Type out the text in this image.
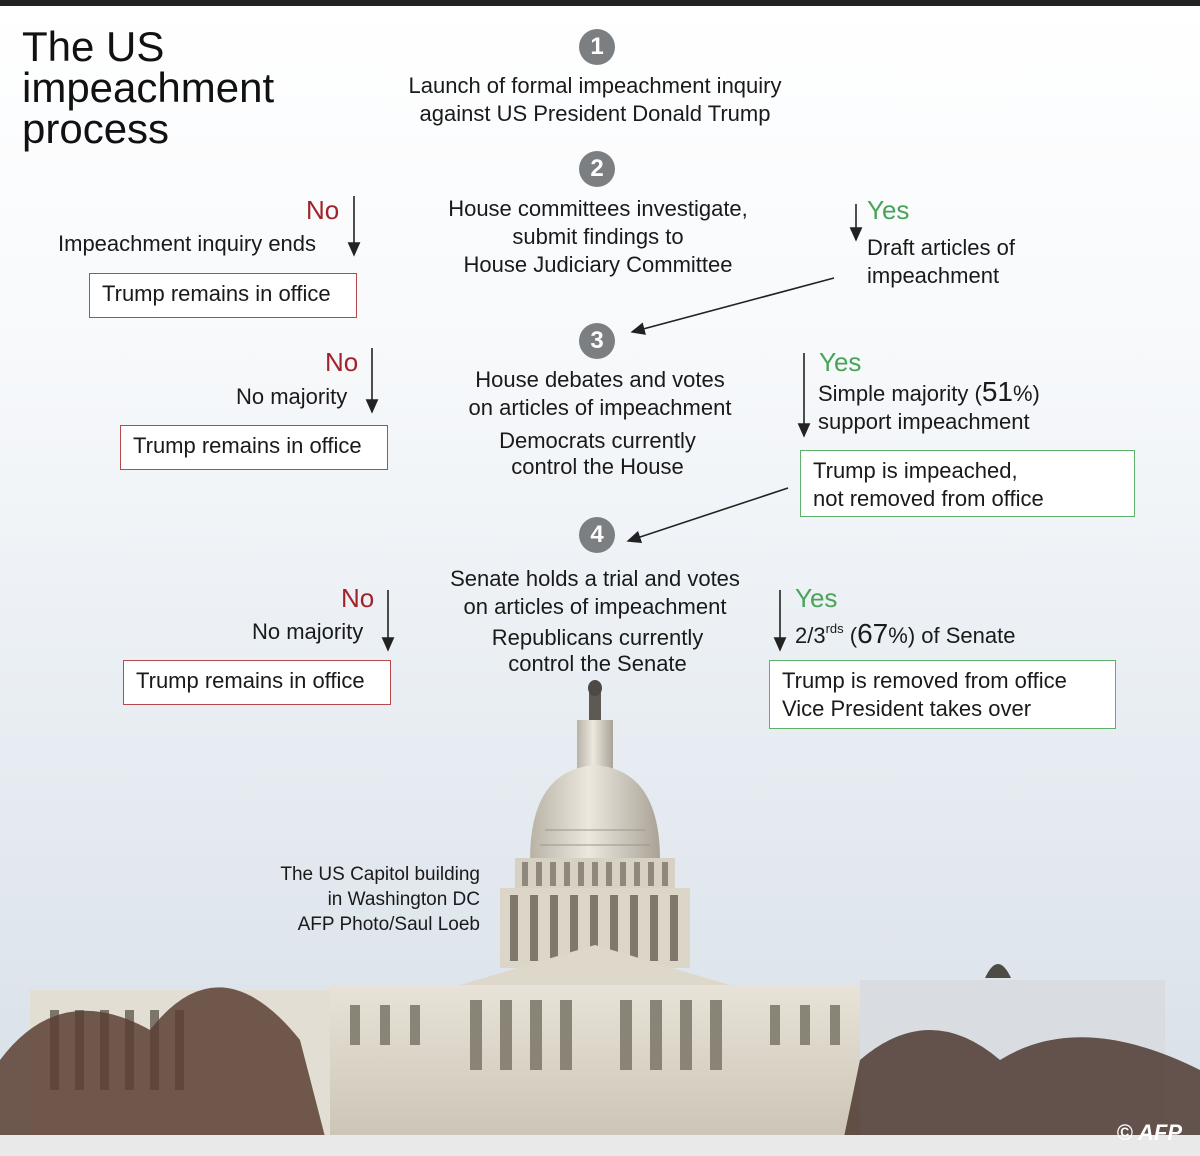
The US impeachment process
1
Launch of formal impeachment inquiry
against US President Donald Trump
2
House committees investigate,
submit findings to
House Judiciary Committee
No
Impeachment inquiry ends
Trump remains in office
Yes
Draft articles of
impeachment
3
House debates and votes
on articles of impeachment
Democrats currently
control the House
No
No majority
Trump remains in office
Yes
Simple majority (51%)
support impeachment
Trump is impeached,
not removed from office
4
Senate holds a trial and votes
on articles of impeachment
Republicans currently
control the Senate
No
No majority
Trump remains in office
Yes
$2/3^{rds}$ (67%) of Senate
Trump is removed from office
Vice President takes over
The US Capitol building
in Washington DC
AFP Photo/Saul Loeb
© AFP
